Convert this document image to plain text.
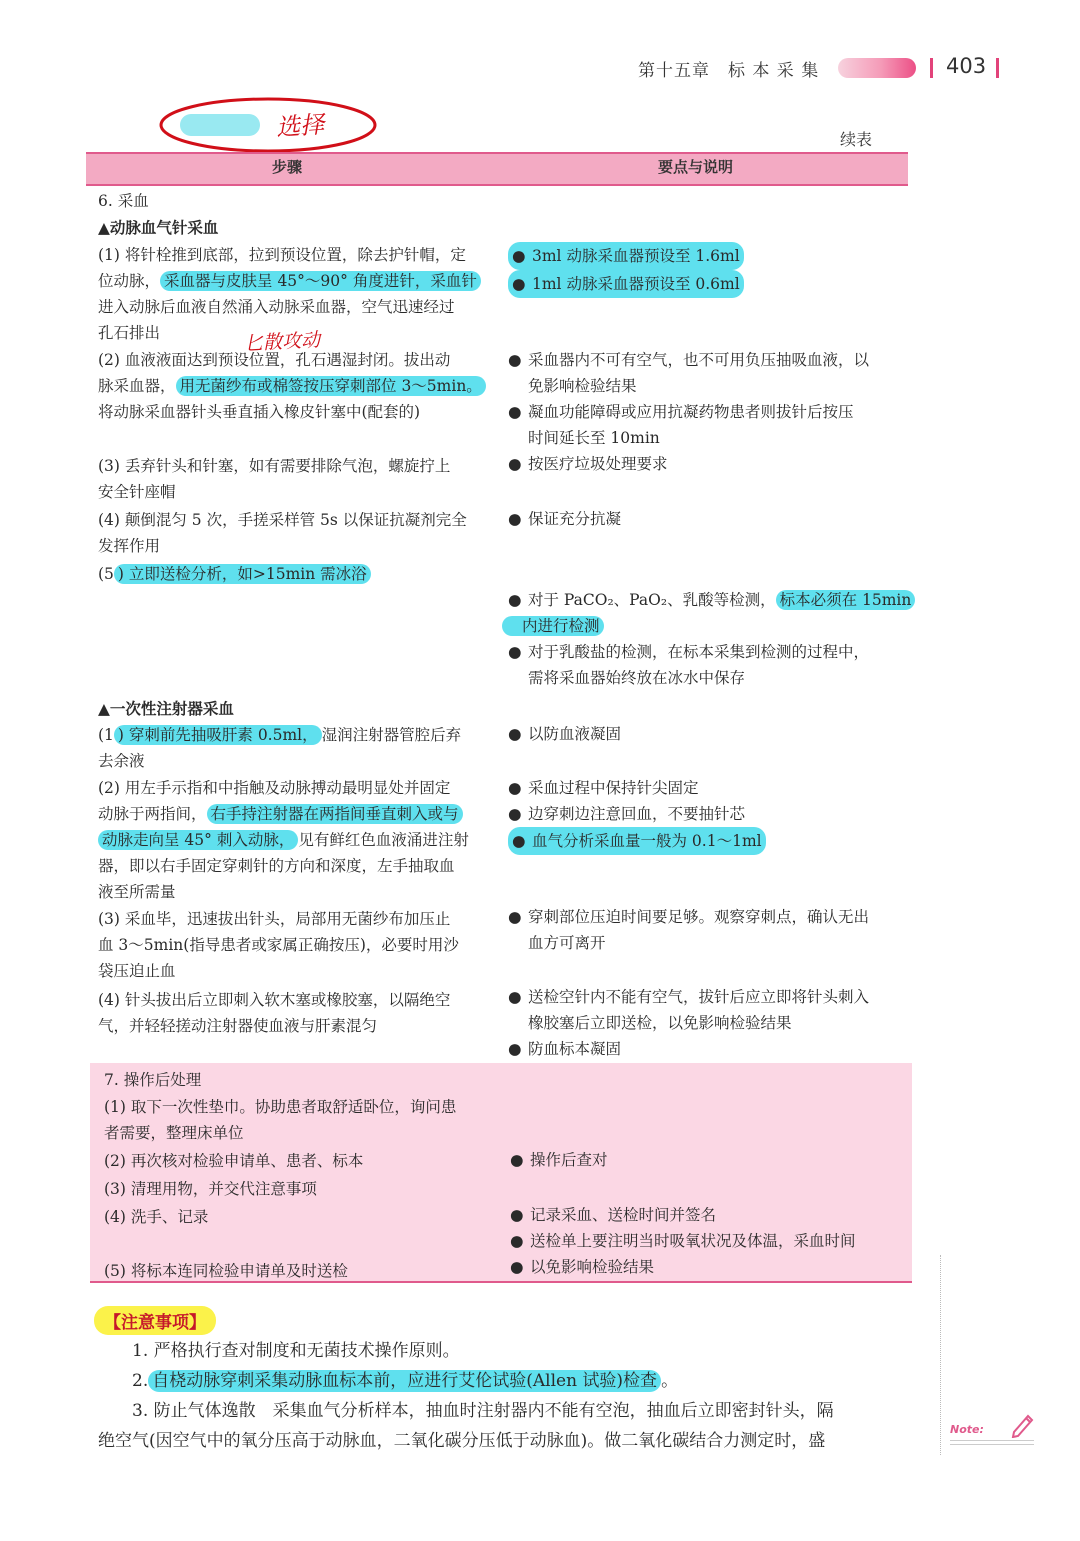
第十五章　标 本 采 集	403
选择
匕散攻动
续表
步骤	要点与说明
6. 采血
▲动脉血气针采血
(1) 将针栓推到底部，拉到预设位置，除去护针帽，定
位动脉， 采血器与皮肤呈 45°～90° 角度进针，采血针
进入动脉后血液自然涌入动脉采血器，空气迅速经过
孔石排出
● 3ml 动脉采血器预设至 1.6ml
● 1ml 动脉采血器预设至 0.6ml
(2) 血液液面达到预设位置，孔石遇湿封闭。拔出动
脉采血器， 用无菌纱布或棉签按压穿刺部位 3～5min。
将动脉采血器针头垂直插入橡皮针塞中(配套的)
● 采血器内不可有空气，也不可用负压抽吸血液，以
免影响检验结果
● 凝血功能障碍或应用抗凝药物患者则拔针后按压
时间延长至 10min
(3) 丢弃针头和针塞，如有需要排除气泡，螺旋拧上
安全针座帽
● 按医疗垃圾处理要求
(4) 颠倒混匀 5 次，手搓采样管 5s 以保证抗凝剂完全
发挥作用
● 保证充分抗凝
(5 ) 立即送检分析，如>15min 需冰浴
● 对于 PaCO₂、PaO₂、乳酸等检测， 标本必须在 15min
内进行检测
● 对于乳酸盐的检测，在标本采集到检测的过程中，
需将采血器始终放在冰水中保存
▲一次性注射器采血
(1 ) 穿刺前先抽吸肝素 0.5ml， 湿润注射器管腔后弃
去余液
● 以防血液凝固
(2) 用左手示指和中指触及动脉搏动最明显处并固定
动脉于两指间， 右手持注射器在两指间垂直刺入或与
动脉走向呈 45° 刺入动脉， 见有鲜红色血液涌进注射
器，即以右手固定穿刺针的方向和深度，左手抽取血
液至所需量
● 采血过程中保持针尖固定
● 边穿刺边注意回血，不要抽针芯
● 血气分析采血量一般为 0.1～1ml
(3) 采血毕，迅速拔出针头，局部用无菌纱布加压止
血 3～5min(指导患者或家属正确按压)，必要时用沙
袋压迫止血
● 穿刺部位压迫时间要足够。观察穿刺点，确认无出
血方可离开
(4) 针头拔出后立即刺入软木塞或橡胶塞，以隔绝空
气，并轻轻搓动注射器使血液与肝素混匀
● 送检空针内不能有空气，拔针后应立即将针头刺入
橡胶塞后立即送检，以免影响检验结果
● 防血标本凝固
7. 操作后处理
(1) 取下一次性垫巾。协助患者取舒适卧位，询问患
者需要，整理床单位
(2) 再次核对检验申请单、患者、标本
(3) 清理用物，并交代注意事项
(4) 洗手、记录
(5) 将标本连同检验申请单及时送检
● 操作后查对
● 记录采血、送检时间并签名
● 送检单上要注明当时吸氧状况及体温，采血时间
● 以免影响检验结果
【注意事项】
1. 严格执行查对制度和无菌技术操作原则。
2. 自桡动脉穿刺采集动脉血标本前，应进行艾伦试验(Allen 试验)检查 。
3. 防止气体逸散　采集血气分析样本，抽血时注射器内不能有空泡，抽血后立即密封针头，隔
绝空气(因空气中的氧分压高于动脉血，二氧化碳分压低于动脉血)。做二氧化碳结合力测定时，盛
Note:
